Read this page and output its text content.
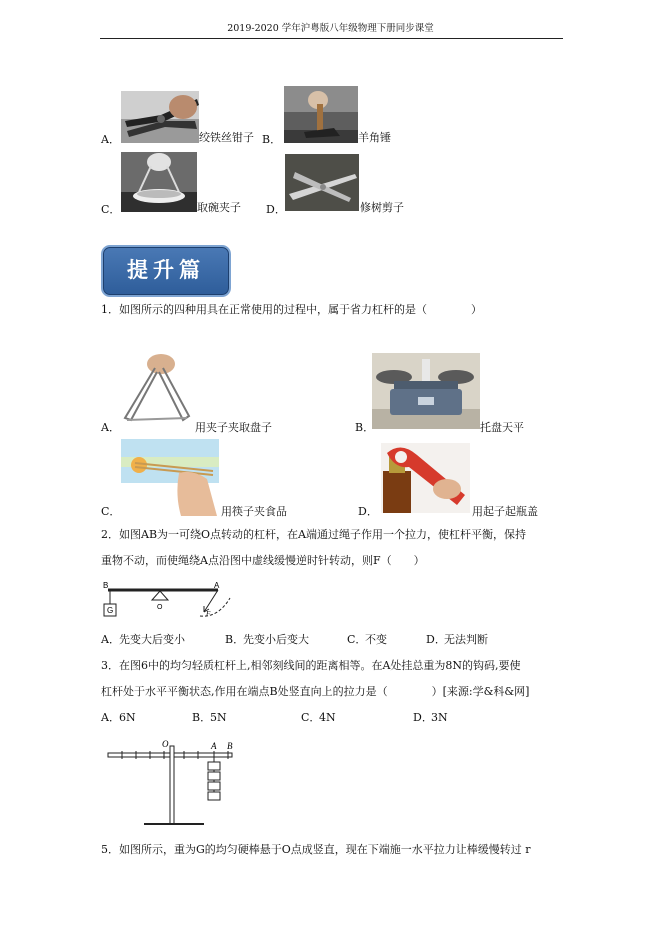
2019-2020 学年沪粤版八年级物理下册同步课堂
A．	绞铁丝钳子 B．	羊角锤
C．	取碗夹子 D．	修树剪子
提升篇
1．如图所示的四种用具在正常使用的过程中，属于省力杠杆的是（　　　　）
A．	用夹子夹取盘子	B．	托盘天平
C．	用筷子夹食品	D．	用起子起瓶盖
2．如图AB为一可绕O点转动的杠杆，在A端通过绳子作用一个拉力，使杠杆平衡，保持
重物不动，而使绳绕A点沿图中虚线缓慢逆时针转动，则F（　　）
B	A
O
G	F
A． 先变大后变小	B．
先变小后变大	C．
不变	D．
无法判断
3．在图6中的均匀轻质杠杆上,相邻刻线间的距离相等。在A处挂总重为8N的钩码,要使
杠杆处于水平平衡状态,作用在端点B处竖直向上的拉力是（　　　　）[来源:学&科&网]
A． 6N	B．
5N	C．
4N	D．
3N
O	A B
5．如图所示，重为G的均匀硬棒悬于O点成竖直，现在下端施一水平拉力让棒缓慢转过 r
